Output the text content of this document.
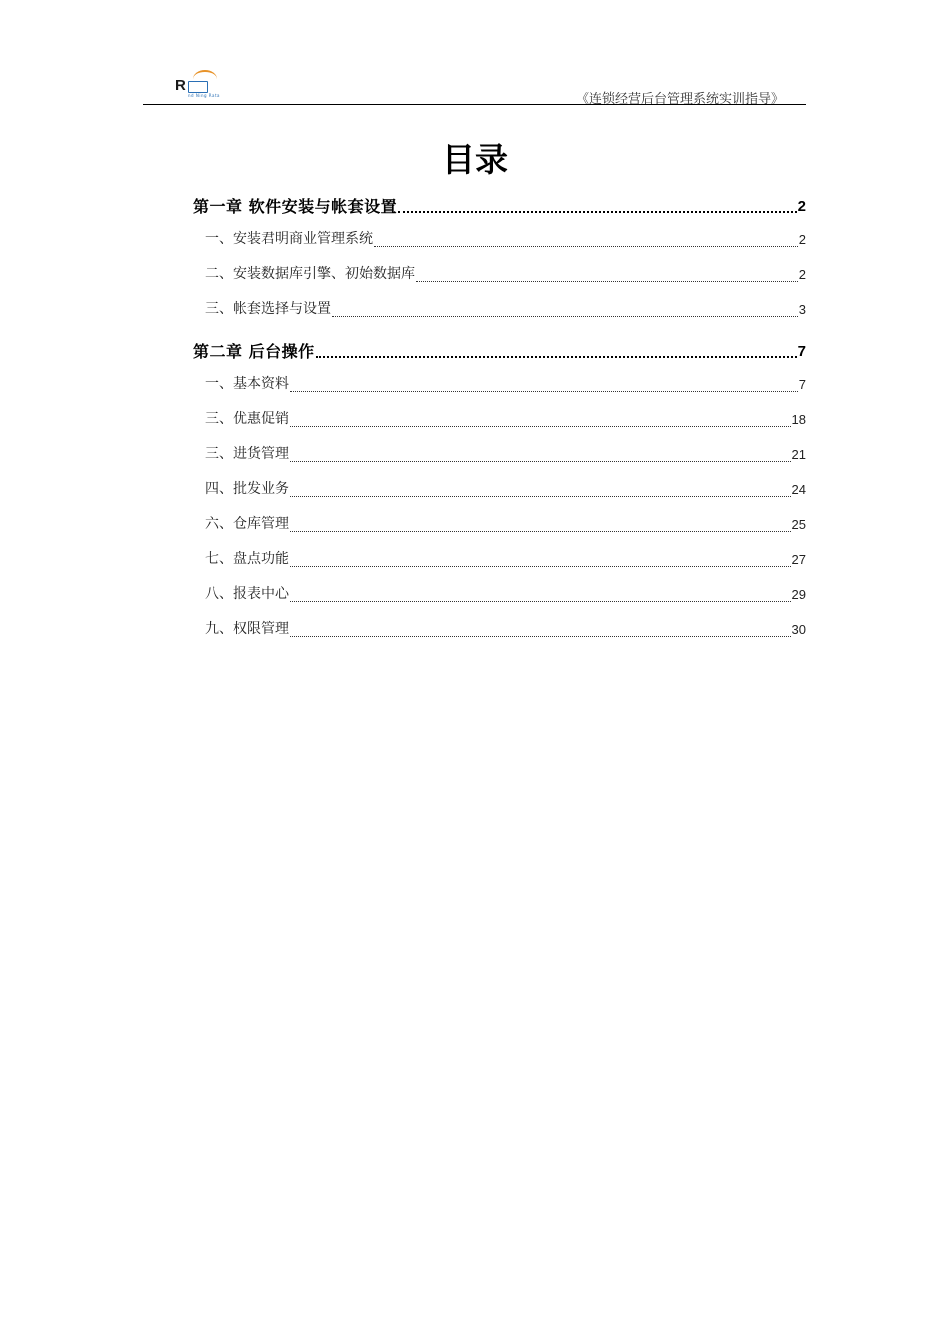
R
nd Ning Rata	《连锁经营后台管理系统实训指导》
目录
第一章 软件安装与帐套设置	2
一、安装君明商业管理系统	2
二、安装数据库引擎、初始数据库	2
三、帐套选择与设置	3
第二章 后台操作	7
一、基本资料	7
三、优惠促销	18
三、进货管理	21
四、批发业务	24
六、仓库管理	25
七、盘点功能	27
八、报表中心	29
九、权限管理	30
